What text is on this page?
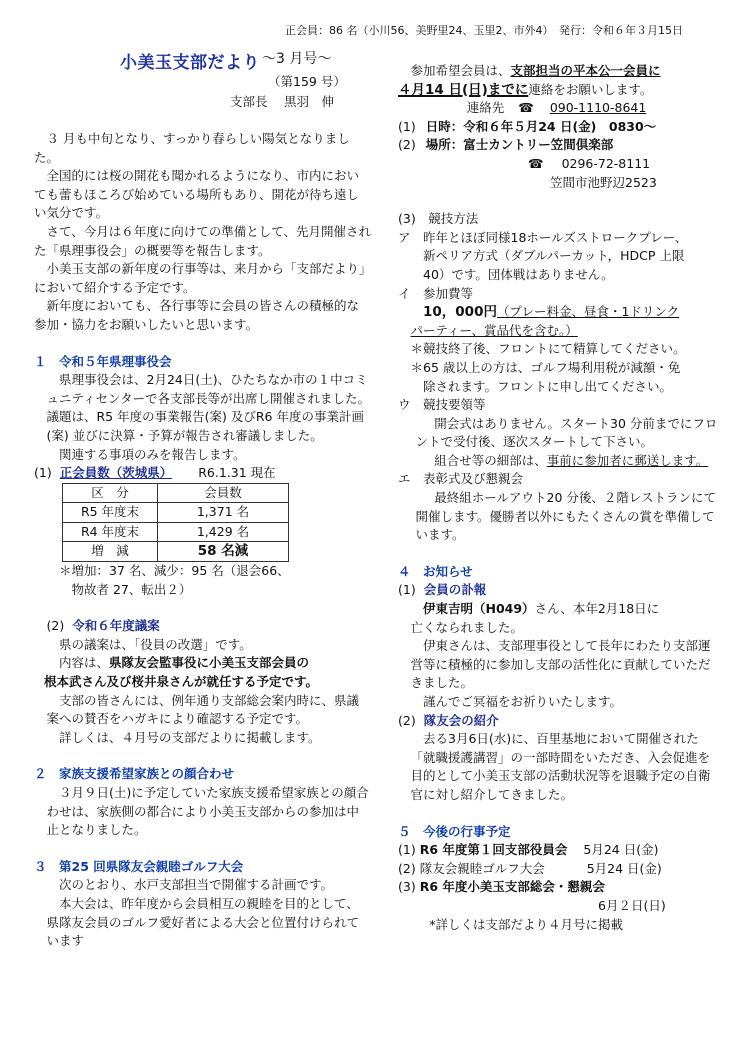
正会員：86 名（小川56、美野里24、玉里2、市外4）　発行：令和６年３月15日
小美玉支部だより ～3 月号～
（第159 号）
支部長　 黒羽　伸

３ 月も中旬となり、すっかり春らしい陽気となりました。

全国的には桜の開花も聞かれるようになり、市内においても蕾もほころび始めている場所もあり、開花が待ち遠しい気分です。

さて、今月は６年度に向けての準備として、先月開催された「県理事役会」の概要等を報告します。

小美玉支部の新年度の行事等は、来月から「支部だより」において紹介する予定です。

新年度においても、各行事等に会員の皆さんの積極的な参加・協力をお願いしたいと思います。

１　令和５年県理事役会

県理事役会は、2月24日(土)、ひたちなか市の１中コミュニティセンターで各支部長等が出席し開催されました。議題は、R5 年度の事業報告(案) 及びR6 年度の事業計画(案) 並びに決算・予算が報告され審議しました。

関連する事項のみを報告します。

(1) 正会員数（茨城県） R6.1.31 現在

区　分	会員数
R5 年度末	1,371 名
R4 年度末	1,429 名
増　減	58 名減

＊増加：37 名、減少：95 名（退会66、

物故者 27、転出２）

(2) 令和６年度議案

県の議案は、「役員の改選」です。

内容は、県隊友会監事役に小美玉支部会員の

根本武さん及び桜井泉さんが就任する予定です。

支部の皆さんには、例年通り支部総会案内時に、県議案への賛否をハガキにより確認する予定です。

詳しくは、４月号の支部だよりに掲載します。

２　家族支援希望家族との顔合わせ

３月９日(土)に予定していた家族支援希望家族との顔合わせは、家族側の都合により小美玉支部からの参加は中止となりました。

３　第25 回県隊友会親睦ゴルフ大会

次のとおり、水戸支部担当で開催する計画です。

本大会は、昨年度から会員相互の親睦を目的として、県隊友会員のゴルフ愛好者による大会と位置付けられています

参加希望会員は、支部担当の平本公一会員に

４月14 日(日)までに連絡をお願いします。

連絡先 ☎ 090-1110-8641

(1) 日時：令和６年５月24 日(金)　0830～

(2) 場所：富士カントリー笠間倶楽部

☎ 0296-72-8111

笠間市池野辺2523

(3)　競技方法

ア　昨年とほぼ同様18ホールズストロークプレー、

新ペリア方式（ダブルパーカット，HDCP 上限

40）です。団体戦はありません。

イ　参加費等

10，000円（プレー料金、昼食・1ドリンク

パーティー、賞品代を含む。）

＊競技終了後、フロントにて精算してください。

＊65 歳以上の方は、ゴルフ場利用税が減額・免

除されます。フロントに申し出てください。

ウ　競技要領等

開会式はありません。スタート30 分前までにフロントで受付後、逐次スタートして下さい。

組合せ等の細部は、事前に参加者に郵送します。

エ　表彰式及び懇親会

最終組ホールアウト20 分後、２階レストランにて開催します。優勝者以外にもたくさんの賞を準備しています。

４　お知らせ

(1) 会員の訃報

伊東吉明（H049）さん、本年2月18日に

亡くなられました。

伊東さんは、支部理事役として長年にわたり支部運営等に積極的に参加し支部の活性化に貢献していただきました。

謹んでご冥福をお祈りいたします。

(2) 隊友会の紹介

去る3月6日(水)に、百里基地において開催された「就職援護講習」の一部時間をいただき、入会促進を目的として小美玉支部の活動状況等を退職予定の自衛官に対し紹介してきました。

５　今後の行事予定

(1) R6 年度第１回支部役員会 5月24 日(金)

(2) 隊友会親睦ゴルフ大会	5月24 日(金)

(3) R6 年度小美玉支部総会・懇親会

6月２日(日)

*詳しくは支部だより４月号に掲載
